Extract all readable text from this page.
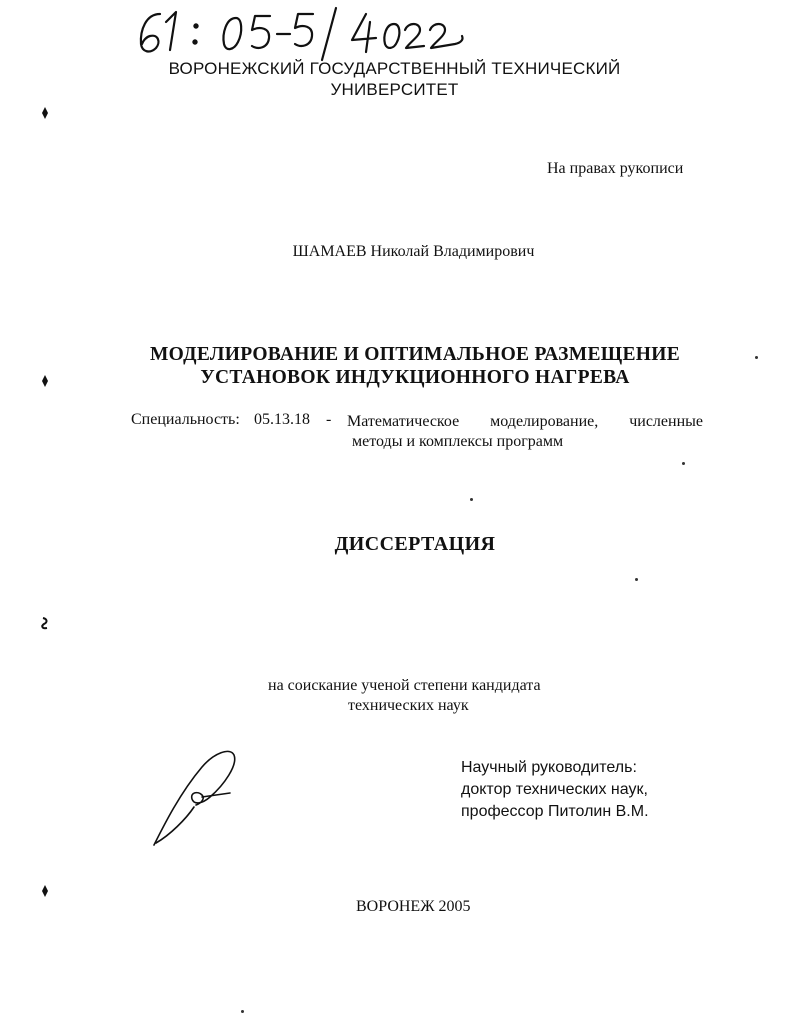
ВОРОНЕЖСКИЙ ГОСУДАРСТВЕННЫЙ ТЕХНИЧЕСКИЙ
УНИВЕРСИТЕТ
На правах рукописи
ШАМАЕВ Николай Владимирович
МОДЕЛИРОВАНИЕ И ОПТИМАЛЬНОЕ РАЗМЕЩЕНИЕ
УСТАНОВОК ИНДУКЦИОННОГО НАГРЕВА
Специальность: 05.13.18 - Математическое моделирование, численные
методы и комплексы программ
ДИССЕРТАЦИЯ
на соискание ученой степени кандидата
технических наук
Научный руководитель:
доктор технических наук,
профессор Питолин В.М.
ВОРОНЕЖ 2005
